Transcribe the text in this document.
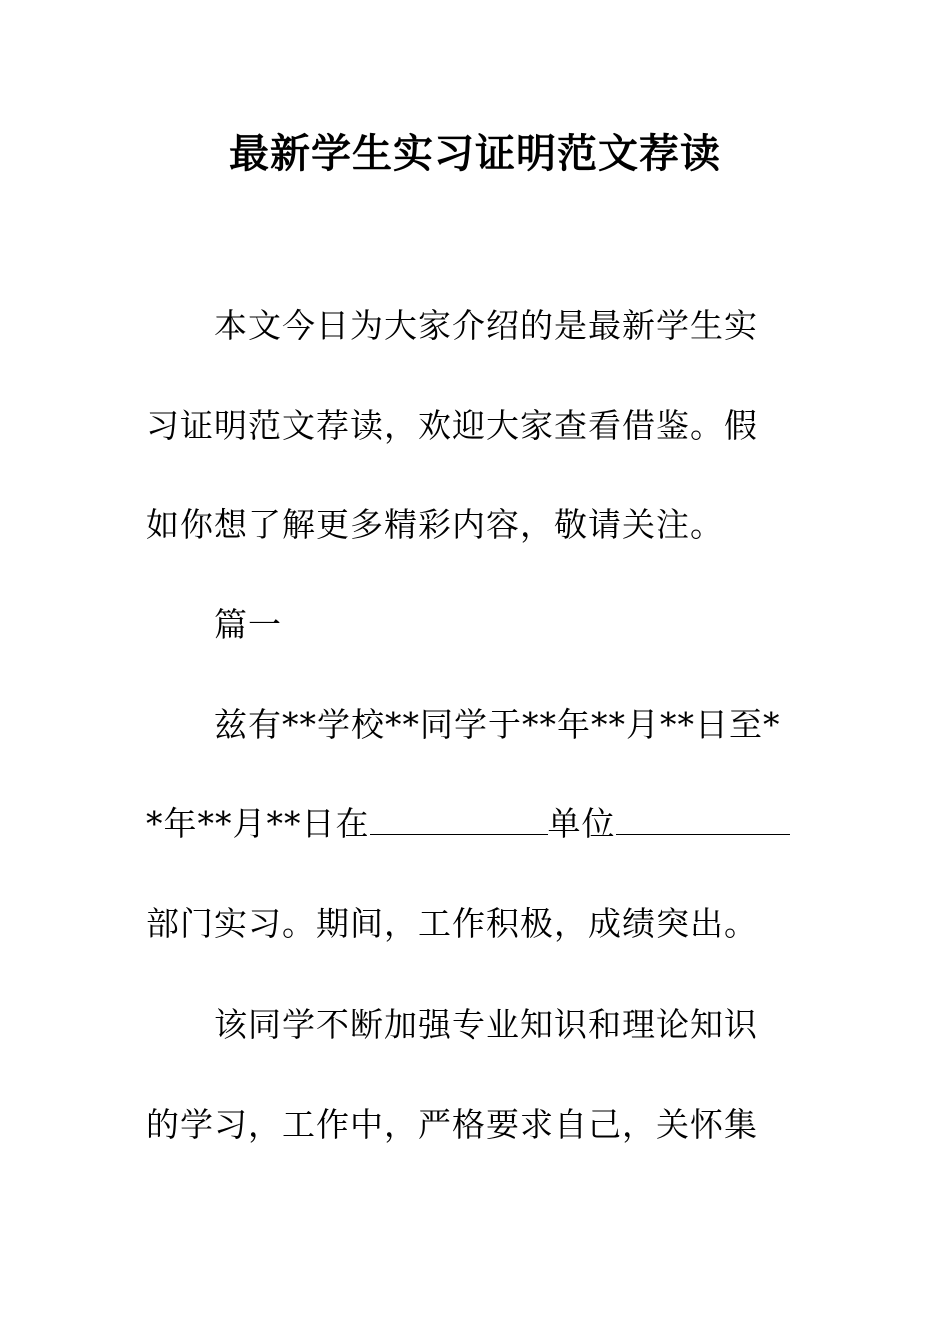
最新学生实习证明范文荐读
本文今日为大家介绍的是最新学生实
习证明范文荐读，欢迎大家查看借鉴。假
如你想了解更多精彩内容，敬请关注。
篇一
兹有**学校**同学于**年**月**日至*
*年**月**日在	单位
部门实习。期间，工作积极，成绩突出。
该同学不断加强专业知识和理论知识
的学习，工作中，严格要求自己，关怀集
